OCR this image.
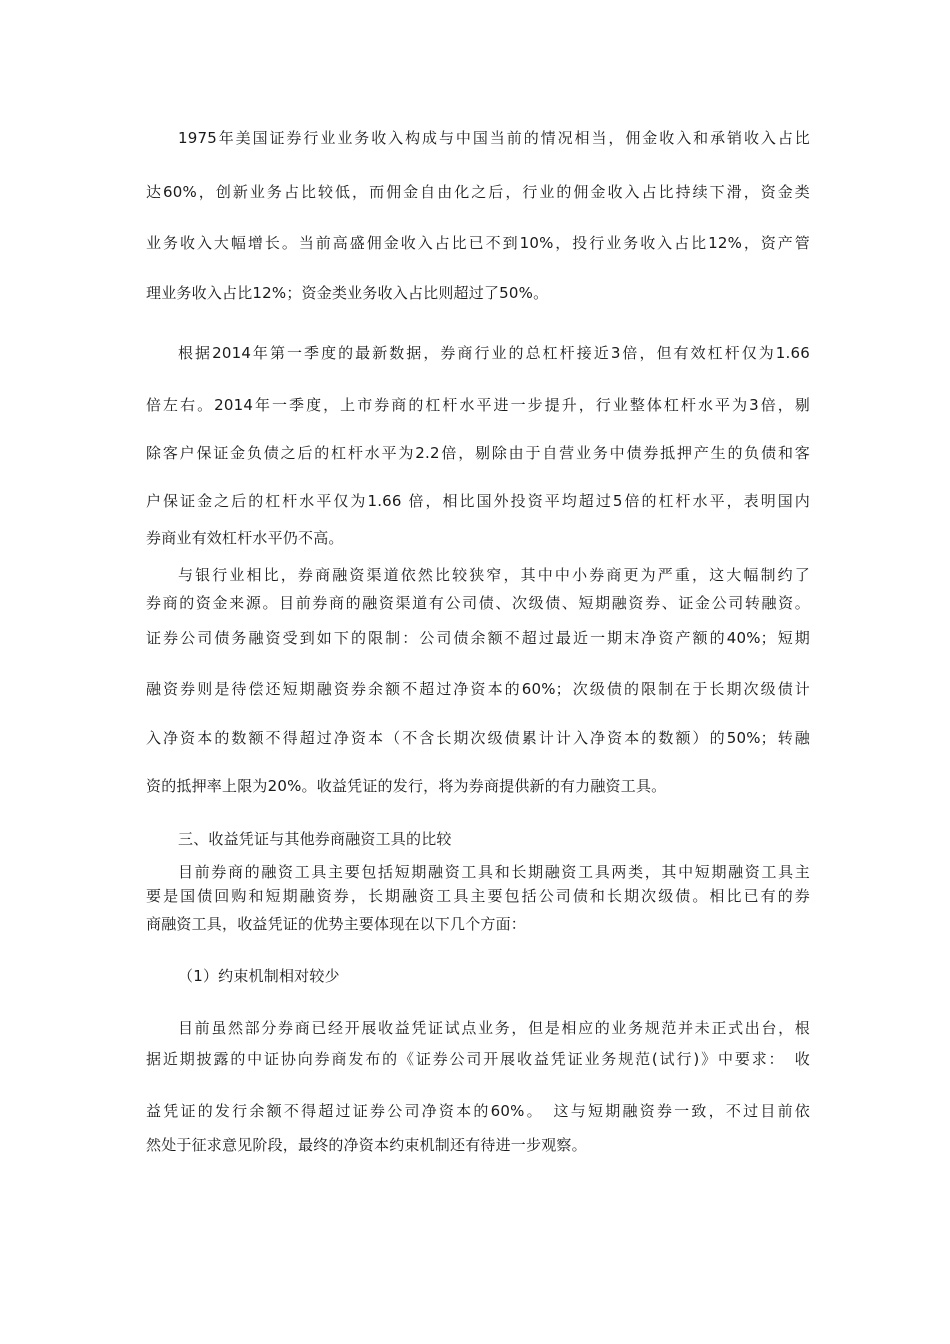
1975年美国证券行业业务收入构成与中国当前的情况相当，佣金收入和承销收入占比
达60%，创新业务占比较低，而佣金自由化之后，行业的佣金收入占比持续下滑，资金类
业务收入大幅增长。当前高盛佣金收入占比已不到10%，投行业务收入占比12%，资产管
理业务收入占比12%；资金类业务收入占比则超过了50%。
根据2014年第一季度的最新数据，券商行业的总杠杆接近3倍，但有效杠杆仅为1.66
倍左右。2014年一季度，上市券商的杠杆水平进一步提升，行业整体杠杆水平为3倍，剔
除客户保证金负债之后的杠杆水平为2.2倍，剔除由于自营业务中债券抵押产生的负债和客
户保证金之后的杠杆水平仅为1.66 倍，相比国外投资平均超过5倍的杠杆水平，表明国内
券商业有效杠杆水平仍不高。
与银行业相比，券商融资渠道依然比较狭窄，其中中小券商更为严重，这大幅制约了
券商的资金来源。目前券商的融资渠道有公司债、次级债、短期融资券、证金公司转融资。
证券公司债务融资受到如下的限制：公司债余额不超过最近一期末净资产额的40%；短期
融资券则是待偿还短期融资券余额不超过净资本的60%；次级债的限制在于长期次级债计
入净资本的数额不得超过净资本（不含长期次级债累计计入净资本的数额）的50%；转融
资的抵押率上限为20%。收益凭证的发行，将为券商提供新的有力融资工具。
三、收益凭证与其他券商融资工具的比较
目前券商的融资工具主要包括短期融资工具和长期融资工具两类，其中短期融资工具主
要是国债回购和短期融资券，长期融资工具主要包括公司债和长期次级债。相比已有的券
商融资工具，收益凭证的优势主要体现在以下几个方面：
（1）约束机制相对较少
目前虽然部分券商已经开展收益凭证试点业务，但是相应的业务规范并未正式出台，根
据近期披露的中证协向券商发布的《证券公司开展收益凭证业务规范(试行)》中要求：　收
益凭证的发行余额不得超过证券公司净资本的60%。　这与短期融资券一致，不过目前依
然处于征求意见阶段，最终的净资本约束机制还有待进一步观察。
